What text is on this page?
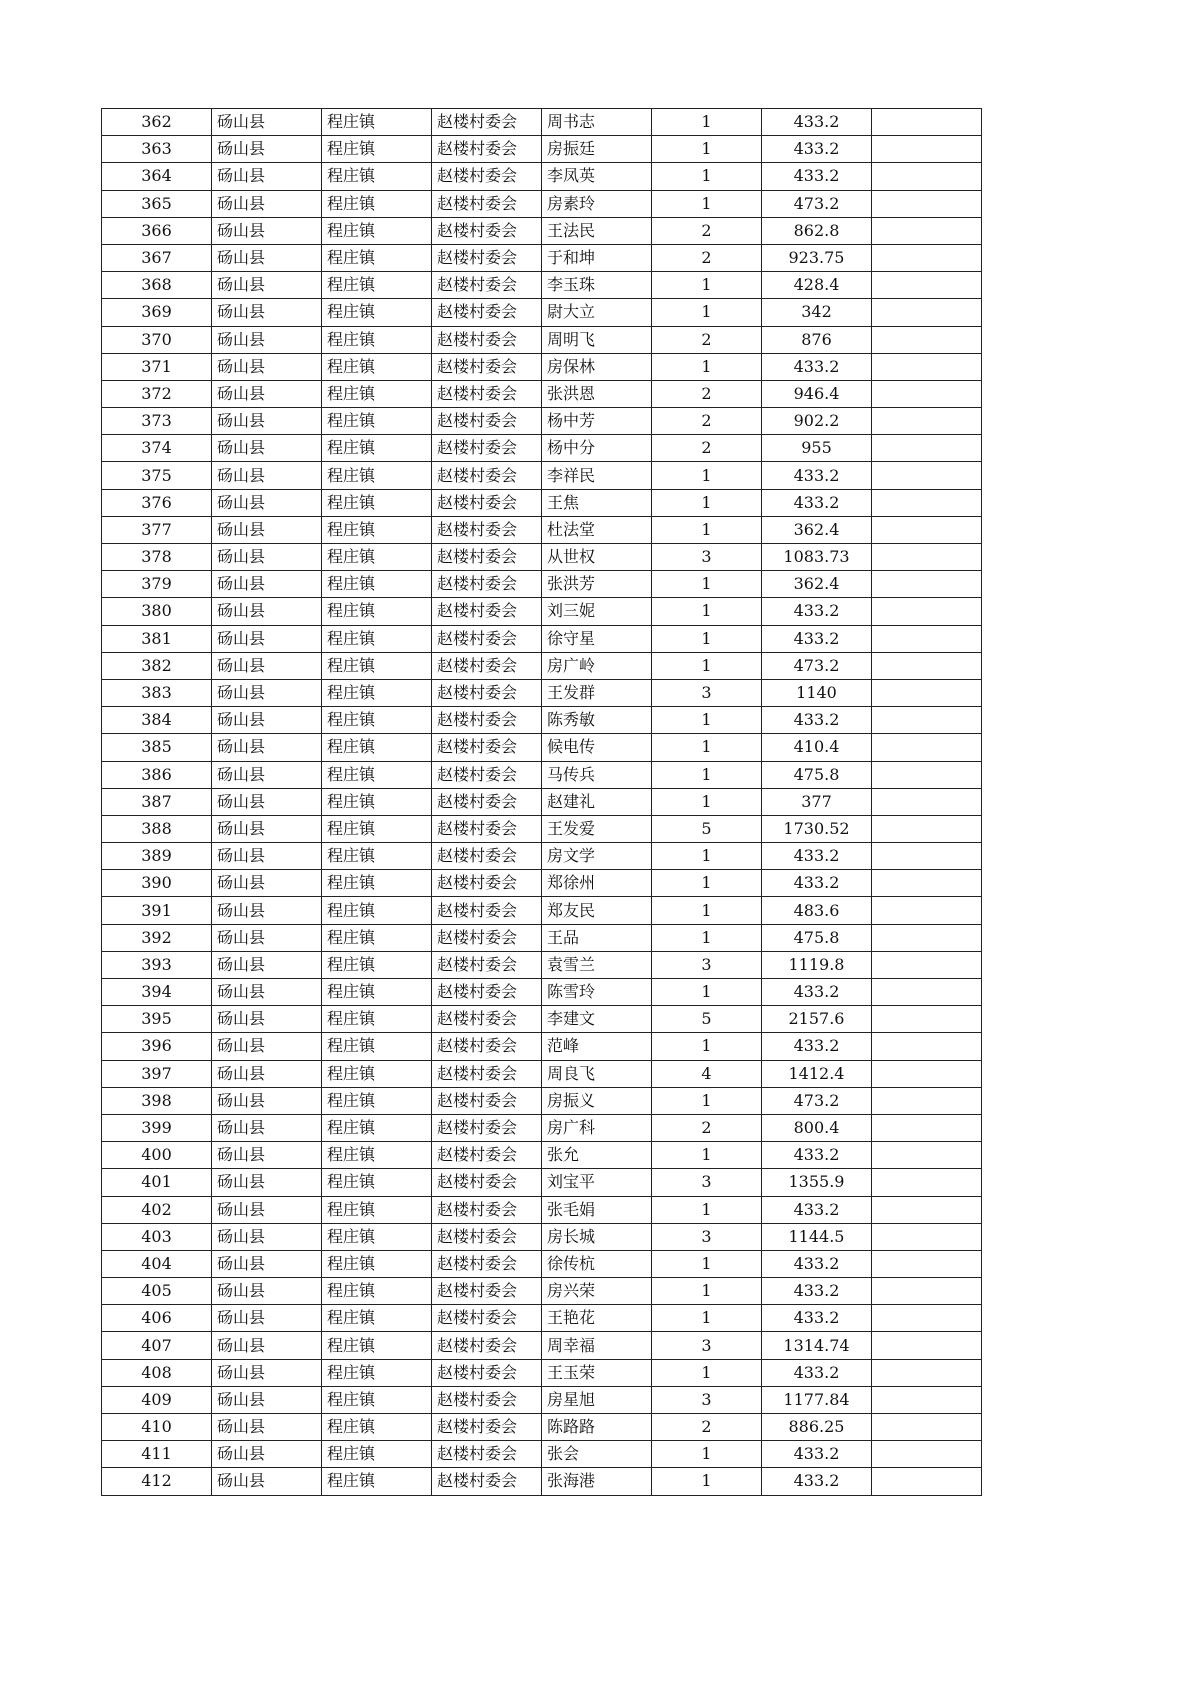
362	砀山县	程庄镇	赵楼村委会	周书志	1	433.2	
363	砀山县	程庄镇	赵楼村委会	房振廷	1	433.2	
364	砀山县	程庄镇	赵楼村委会	李凤英	1	433.2	
365	砀山县	程庄镇	赵楼村委会	房素玲	1	473.2	
366	砀山县	程庄镇	赵楼村委会	王法民	2	862.8	
367	砀山县	程庄镇	赵楼村委会	于和坤	2	923.75	
368	砀山县	程庄镇	赵楼村委会	李玉珠	1	428.4	
369	砀山县	程庄镇	赵楼村委会	尉大立	1	342	
370	砀山县	程庄镇	赵楼村委会	周明飞	2	876	
371	砀山县	程庄镇	赵楼村委会	房保林	1	433.2	
372	砀山县	程庄镇	赵楼村委会	张洪恩	2	946.4	
373	砀山县	程庄镇	赵楼村委会	杨中芳	2	902.2	
374	砀山县	程庄镇	赵楼村委会	杨中分	2	955	
375	砀山县	程庄镇	赵楼村委会	李祥民	1	433.2	
376	砀山县	程庄镇	赵楼村委会	王焦	1	433.2	
377	砀山县	程庄镇	赵楼村委会	杜法堂	1	362.4	
378	砀山县	程庄镇	赵楼村委会	从世权	3	1083.73	
379	砀山县	程庄镇	赵楼村委会	张洪芳	1	362.4	
380	砀山县	程庄镇	赵楼村委会	刘三妮	1	433.2	
381	砀山县	程庄镇	赵楼村委会	徐守星	1	433.2	
382	砀山县	程庄镇	赵楼村委会	房广岭	1	473.2	
383	砀山县	程庄镇	赵楼村委会	王发群	3	1140	
384	砀山县	程庄镇	赵楼村委会	陈秀敏	1	433.2	
385	砀山县	程庄镇	赵楼村委会	候电传	1	410.4	
386	砀山县	程庄镇	赵楼村委会	马传兵	1	475.8	
387	砀山县	程庄镇	赵楼村委会	赵建礼	1	377	
388	砀山县	程庄镇	赵楼村委会	王发爱	5	1730.52	
389	砀山县	程庄镇	赵楼村委会	房文学	1	433.2	
390	砀山县	程庄镇	赵楼村委会	郑徐州	1	433.2	
391	砀山县	程庄镇	赵楼村委会	郑友民	1	483.6	
392	砀山县	程庄镇	赵楼村委会	王品	1	475.8	
393	砀山县	程庄镇	赵楼村委会	袁雪兰	3	1119.8	
394	砀山县	程庄镇	赵楼村委会	陈雪玲	1	433.2	
395	砀山县	程庄镇	赵楼村委会	李建文	5	2157.6	
396	砀山县	程庄镇	赵楼村委会	范峰	1	433.2	
397	砀山县	程庄镇	赵楼村委会	周良飞	4	1412.4	
398	砀山县	程庄镇	赵楼村委会	房振义	1	473.2	
399	砀山县	程庄镇	赵楼村委会	房广科	2	800.4	
400	砀山县	程庄镇	赵楼村委会	张允	1	433.2	
401	砀山县	程庄镇	赵楼村委会	刘宝平	3	1355.9	
402	砀山县	程庄镇	赵楼村委会	张毛娟	1	433.2	
403	砀山县	程庄镇	赵楼村委会	房长城	3	1144.5	
404	砀山县	程庄镇	赵楼村委会	徐传杭	1	433.2	
405	砀山县	程庄镇	赵楼村委会	房兴荣	1	433.2	
406	砀山县	程庄镇	赵楼村委会	王艳花	1	433.2	
407	砀山县	程庄镇	赵楼村委会	周幸福	3	1314.74	
408	砀山县	程庄镇	赵楼村委会	王玉荣	1	433.2	
409	砀山县	程庄镇	赵楼村委会	房星旭	3	1177.84	
410	砀山县	程庄镇	赵楼村委会	陈路路	2	886.25	
411	砀山县	程庄镇	赵楼村委会	张会	1	433.2	
412	砀山县	程庄镇	赵楼村委会	张海港	1	433.2	
